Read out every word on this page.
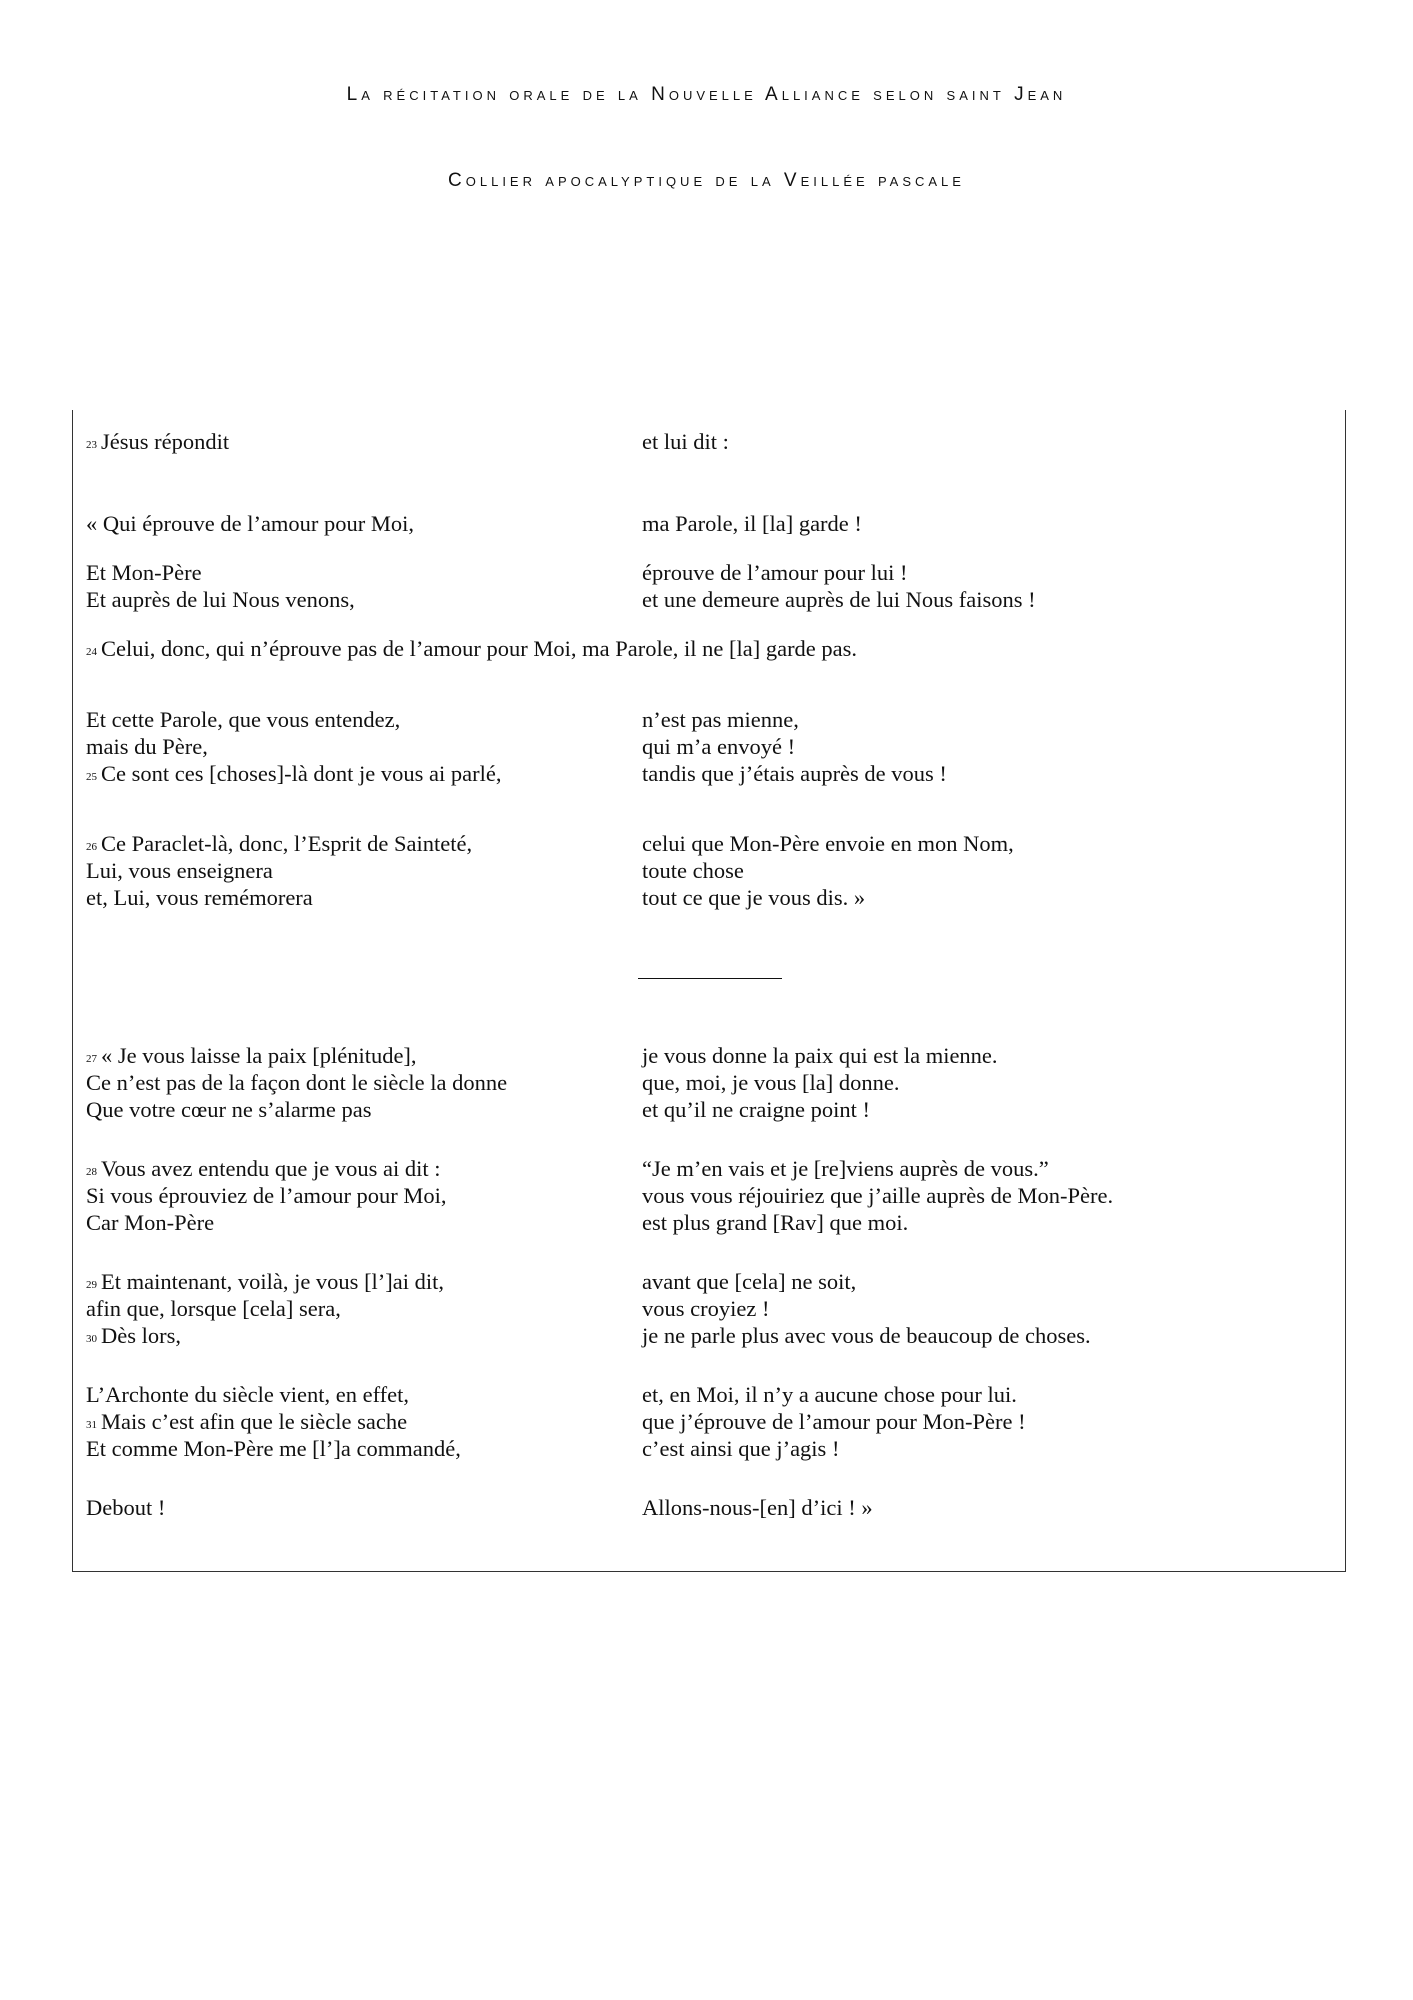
La récitation orale de la Nouvelle Alliance selon saint Jean
Collier apocalyptique de la Veillée pascale
23 Jésus répondit	et lui dit :
« Qui éprouve de l’amour pour Moi,	ma Parole, il [la] garde !
Et Mon-Père	éprouve de l’amour pour lui !
Et auprès de lui Nous venons,	et une demeure auprès de lui Nous faisons !
24 Celui, donc, qui n’éprouve pas de l’amour pour Moi, ma Parole, il ne [la] garde pas.
Et cette Parole, que vous entendez,	n’est pas mienne,
mais du Père,	qui m’a envoyé !
25 Ce sont ces [choses]-là dont je vous ai parlé,	tandis que j’étais auprès de vous !
26 Ce Paraclet-là, donc, l’Esprit de Sainteté,	celui que Mon-Père envoie en mon Nom,
Lui, vous enseignera	toute chose
et, Lui, vous remémorera	tout ce que je vous dis. »
27 « Je vous laisse la paix [plénitude],	je vous donne la paix qui est la mienne.
Ce n’est pas de la façon dont le siècle la donne	que, moi, je vous [la] donne.
Que votre cœur ne s’alarme pas	et qu’il ne craigne point !
28 Vous avez entendu que je vous ai dit :	“Je m’en vais et je [re]viens auprès de vous.”
Si vous éprouviez de l’amour pour Moi,	vous vous réjouiriez que j’aille auprès de Mon-Père.
Car Mon-Père	est plus grand [Rav] que moi.
29 Et maintenant, voilà, je vous [l’]ai dit,	avant que [cela] ne soit,
afin que, lorsque [cela] sera,	vous croyiez !
30 Dès lors,	je ne parle plus avec vous de beaucoup de choses.
L’Archonte du siècle vient, en effet,	et, en Moi, il n’y a aucune chose pour lui.
31 Mais c’est afin que le siècle sache	que j’éprouve de l’amour pour Mon-Père !
Et comme Mon-Père me [l’]a commandé,	c’est ainsi que j’agis !
Debout !	Allons-nous-[en] d’ici ! »
